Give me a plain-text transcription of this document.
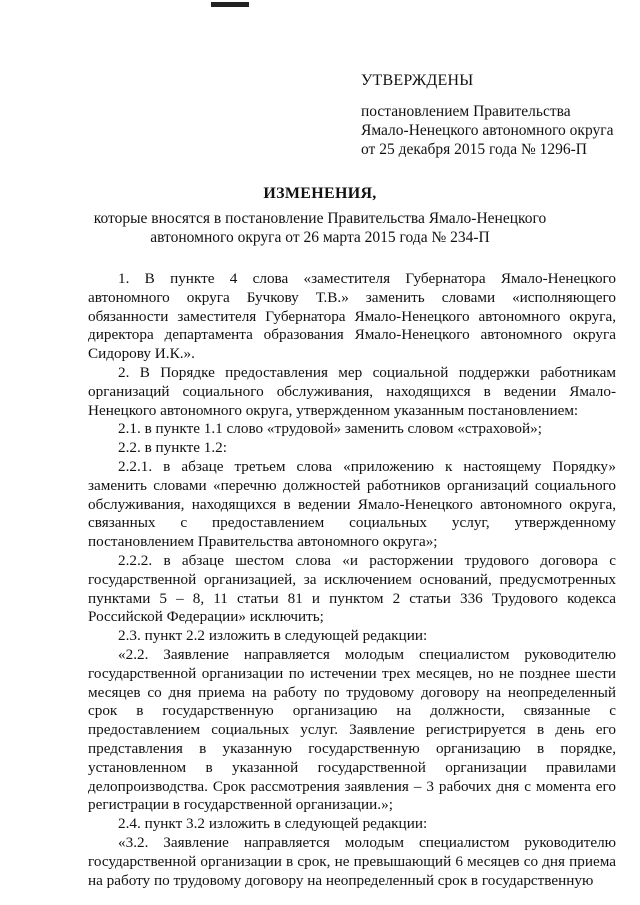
УТВЕРЖДЕНЫ
постановлением Правительства
Ямало-Ненецкого автономного округа
от 25 декабря 2015 года № 1296-П
ИЗМЕНЕНИЯ,
которые вносятся в постановление Правительства Ямало-Ненецкого
автономного округа от 26 марта 2015 года № 234-П

1. В пункте 4 слова «заместителя Губернатора Ямало-Ненецкого автономного округа Бучкову Т.В.» заменить словами «исполняющего обязанности заместителя Губернатора Ямало-Ненецкого автономного округа, директора департамента образования Ямало-Ненецкого автономного округа Сидорову И.К.».

2. В Порядке предоставления мер социальной поддержки работникам организаций социального обслуживания, находящихся в ведении Ямало-Ненецкого автономного округа, утвержденном указанным постановлением:

2.1. в пункте 1.1 слово «трудовой» заменить словом «страховой»;

2.2. в пункте 1.2:

2.2.1. в абзаце третьем слова «приложению к настоящему Порядку» заменить словами «перечню должностей работников организаций социального обслуживания, находящихся в ведении Ямало-Ненецкого автономного округа, связанных с предоставлением социальных услуг, утвержденному постановлением Правительства автономного округа»;

2.2.2. в абзаце шестом слова «и расторжении трудового договора с государственной организацией, за исключением оснований, предусмотренных пунктами 5 – 8, 11 статьи 81 и пунктом 2 статьи 336 Трудового кодекса Российской Федерации» исключить;

2.3. пункт 2.2 изложить в следующей редакции:

«2.2. Заявление направляется молодым специалистом руководителю государственной организации по истечении трех месяцев, но не позднее шести месяцев со дня приема на работу по трудовому договору на неопределенный срок в государственную организацию на должности, связанные с предоставлением социальных услуг. Заявление регистрируется в день его представления в указанную государственную организацию в порядке, установленном в указанной государственной организации правилами делопроизводства. Срок рассмотрения заявления – 3 рабочих дня с момента его регистрации в государственной организации.»;

2.4. пункт 3.2 изложить в следующей редакции:

«3.2. Заявление направляется молодым специалистом руководителю государственной организации в срок, не превышающий 6 месяцев со дня приема на работу по трудовому договору на неопределенный срок в государственную
